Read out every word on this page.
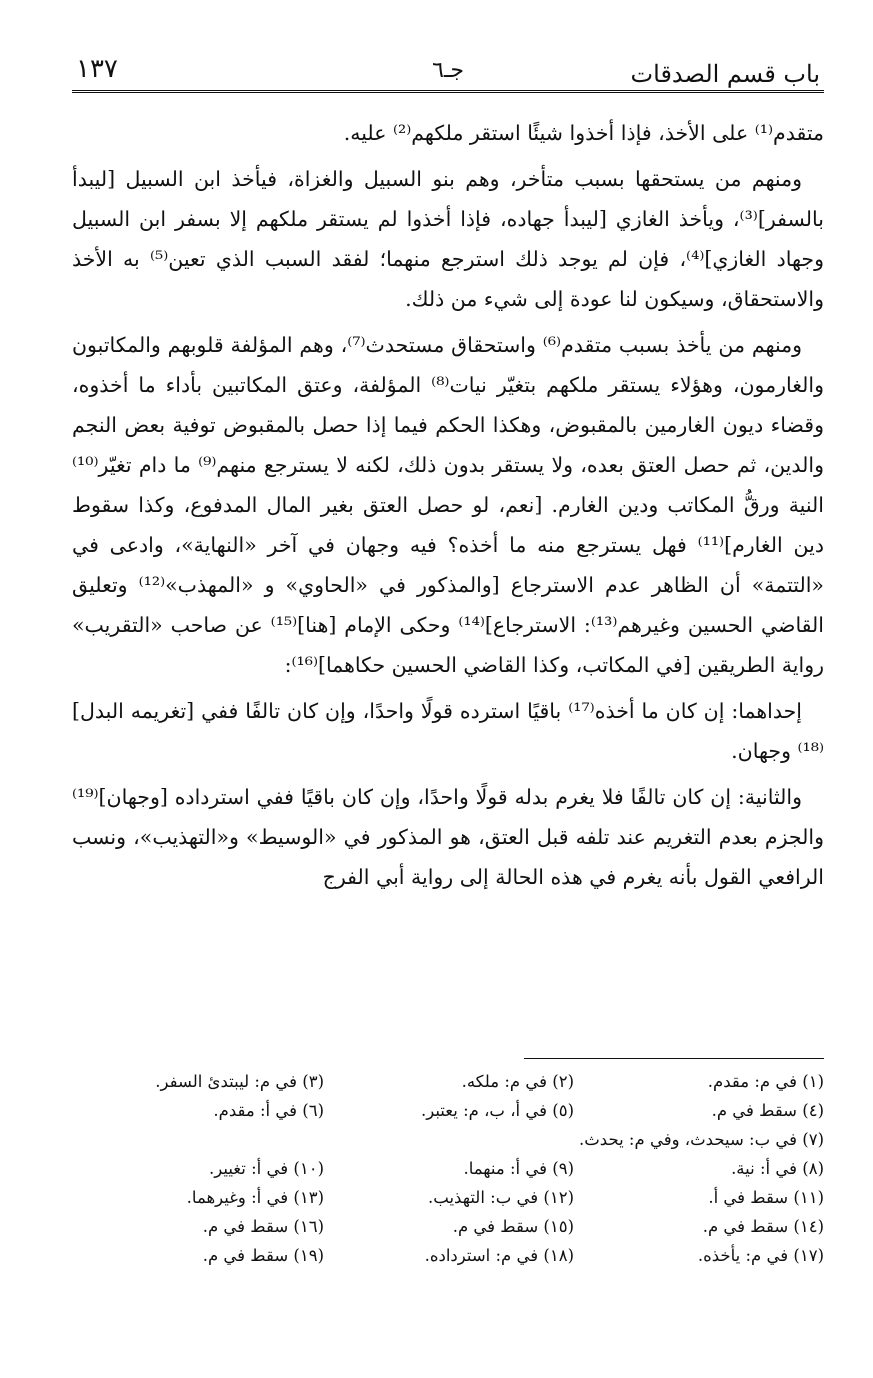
باب قسم الصدقات
جـ٦
١٣٧

متقدم⁽¹⁾ على الأخذ، فإذا أخذوا شيئًا استقر ملكهم⁽²⁾ عليه.

ومنهم من يستحقها بسبب متأخر، وهم بنو السبيل والغزاة، فيأخذ ابن السبيل [ليبدأ بالسفر]⁽³⁾، ويأخذ الغازي [ليبدأ جهاده، فإذا أخذوا لم يستقر ملكهم إلا بسفر ابن السبيل وجهاد الغازي]⁽⁴⁾، فإن لم يوجد ذلك استرجع منهما؛ لفقد السبب الذي تعين⁽⁵⁾ به الأخذ والاستحقاق، وسيكون لنا عودة إلى شيء من ذلك.

ومنهم من يأخذ بسبب متقدم⁽⁶⁾ واستحقاق مستحدث⁽⁷⁾، وهم المؤلفة قلوبهم والمكاتبون والغارمون، وهؤلاء يستقر ملكهم بتغيّر نيات⁽⁸⁾ المؤلفة، وعتق المكاتبين بأداء ما أخذوه، وقضاء ديون الغارمين بالمقبوض، وهكذا الحكم فيما إذا حصل بالمقبوض توفية بعض النجم والدين، ثم حصل العتق بعده، ولا يستقر بدون ذلك، لكنه لا يسترجع منهم⁽⁹⁾ ما دام تغيّر⁽¹⁰⁾ النية ورقُّ المكاتب ودين الغارم. [نعم، لو حصل العتق بغير المال المدفوع، وكذا سقوط دين الغارم]⁽¹¹⁾ فهل يسترجع منه ما أخذه؟ فيه وجهان في آخر «النهاية»، وادعى في «التتمة» أن الظاهر عدم الاسترجاع [والمذكور في «الحاوي» و «المهذب»⁽¹²⁾ وتعليق القاضي الحسين وغيرهم⁽¹³⁾: الاسترجاع]⁽¹⁴⁾ وحكى الإمام [هنا]⁽¹⁵⁾ عن صاحب «التقريب» رواية الطريقين [في المكاتب، وكذا القاضي الحسين حكاهما]⁽¹⁶⁾:

إحداهما: إن كان ما أخذه⁽¹⁷⁾ باقيًا استرده قولًا واحدًا، وإن كان تالفًا ففي [تغريمه البدل]⁽¹⁸⁾ وجهان.

والثانية: إن كان تالفًا فلا يغرم بدله قولًا واحدًا، وإن كان باقيًا ففي استرداده [وجهان]⁽¹⁹⁾ والجزم بعدم التغريم عند تلفه قبل العتق، هو المذكور في «الوسيط» و«التهذيب»، ونسب الرافعي القول بأنه يغرم في هذه الحالة إلى رواية أبي الفرج

(١) في م: مقدم.
(٢) في م: ملكه.
(٣) في م: ليبتدئ السفر.
(٤) سقط في م.
(٥) في أ، ب، م: يعتبر.
(٦) في أ: مقدم.
(٧) في ب: سيحدث، وفي م: يحدث.
(٨) في أ: نية.
(٩) في أ: منهما.
(١٠) في أ: تغيير.
(١١) سقط في أ.
(١٢) في ب: التهذيب.
(١٣) في أ: وغيرهما.
(١٤) سقط في م.
(١٥) سقط في م.
(١٦) سقط في م.
(١٧) في م: يأخذه.
(١٨) في م: استرداده.
(١٩) سقط في م.
